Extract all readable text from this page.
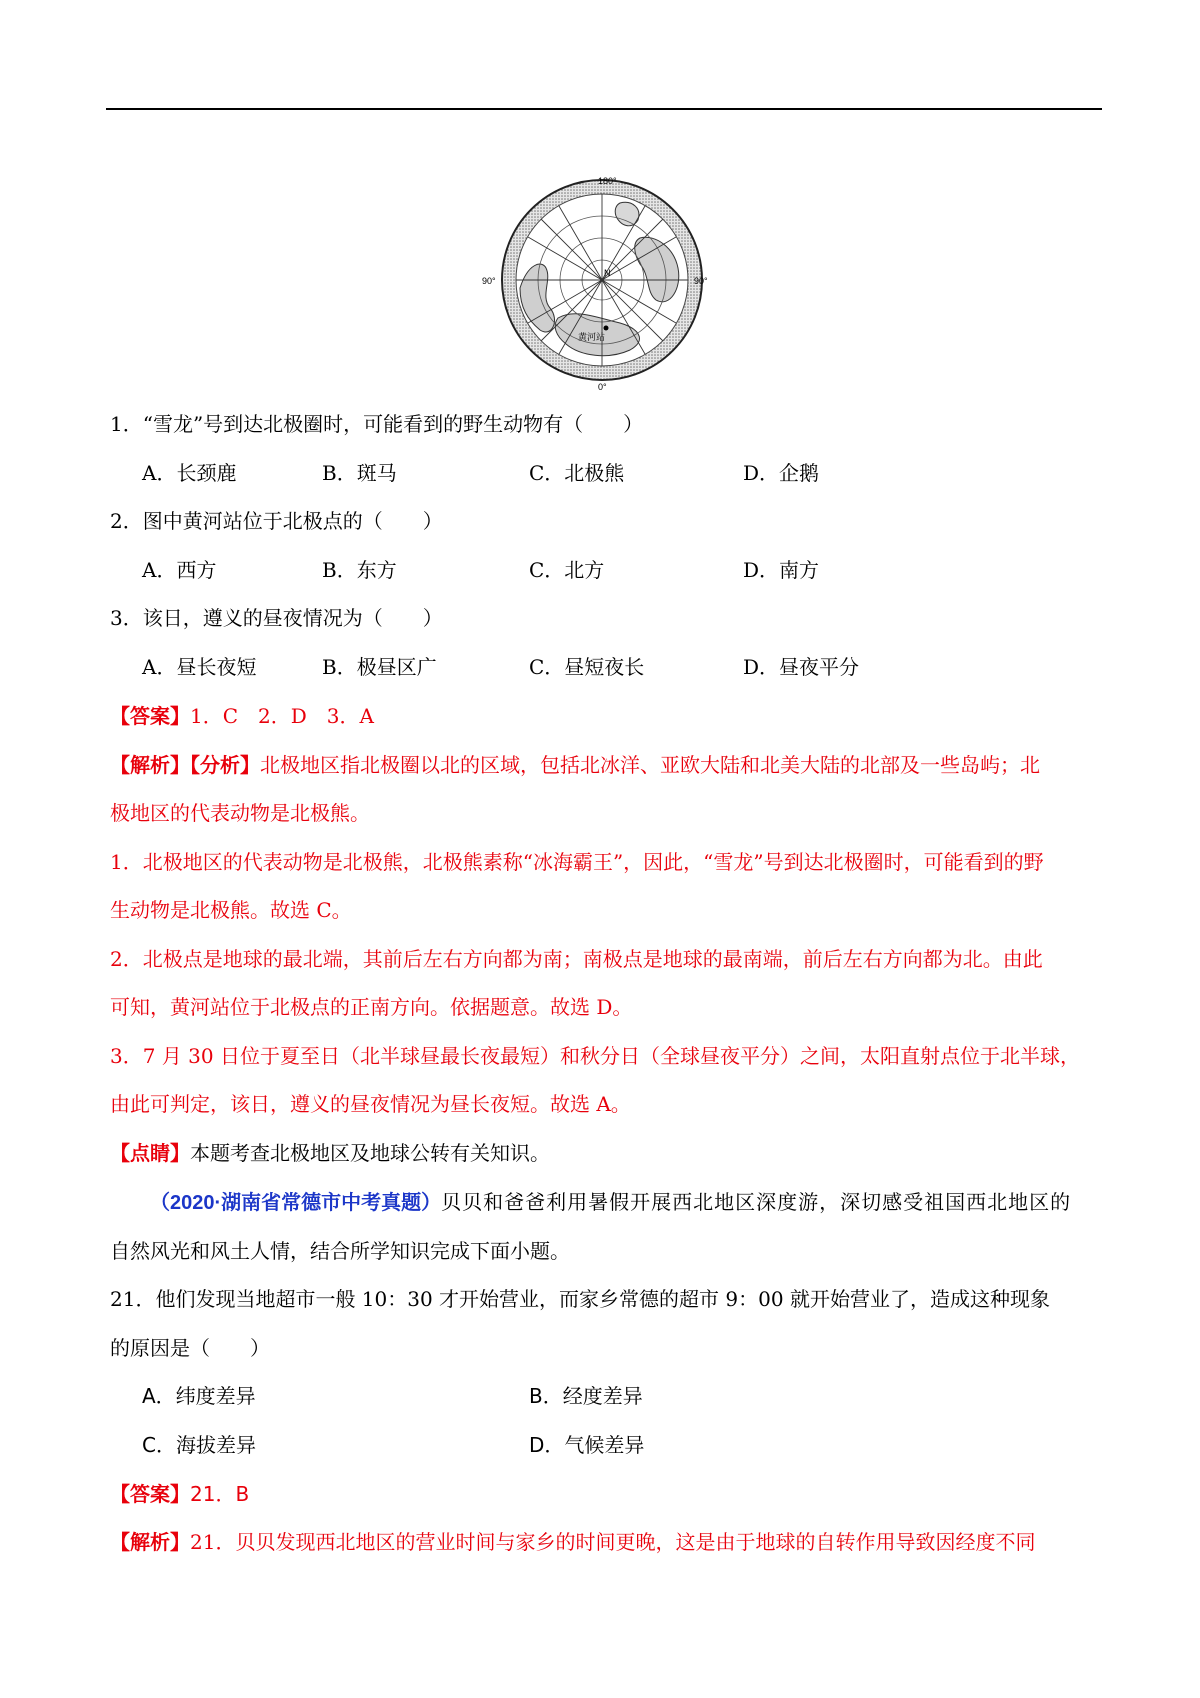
180°
90°	90°
0°
N
黄河站
1．“雪龙”号到达北极圈时，可能看到的野生动物有（　　）
A．长颈鹿	B．斑马	C．北极熊	D．企鹅
2．图中黄河站位于北极点的（　　）
A．西方	B．东方	C．北方	D．南方
3．该日，遵义的昼夜情况为（　　）
A．昼长夜短	B．极昼区广	C．昼短夜长	D．昼夜平分
【答案】1．C　2．D　3．A
【解析】【分析】北极地区指北极圈以北的区域，包括北冰洋、亚欧大陆和北美大陆的北部及一些岛屿；北
极地区的代表动物是北极熊。
1．北极地区的代表动物是北极熊，北极熊素称“冰海霸王”，因此，“雪龙”号到达北极圈时，可能看到的野
生动物是北极熊。故选 C。
2．北极点是地球的最北端，其前后左右方向都为南；南极点是地球的最南端，前后左右方向都为北。由此
可知，黄河站位于北极点的正南方向。依据题意。故选 D。
3．7 月 30 日位于夏至日（北半球昼最长夜最短）和秋分日（全球昼夜平分）之间，太阳直射点位于北半球，
由此可判定，该日，遵义的昼夜情况为昼长夜短。故选 A。
【点睛】本题考查北极地区及地球公转有关知识。
（2020·湖南省常德市中考真题）贝贝和爸爸利用暑假开展西北地区深度游，深切感受祖国西北地区的
自然风光和风土人情，结合所学知识完成下面小题。
21．他们发现当地超市一般 10：30 才开始营业，而家乡常德的超市 9：00 就开始营业了，造成这种现象
的原因是（　　）
A．纬度差异	B．经度差异
C．海拔差异	D．气候差异
【答案】21．B
【解析】21．贝贝发现西北地区的营业时间与家乡的时间更晚，这是由于地球的自转作用导致因经度不同
